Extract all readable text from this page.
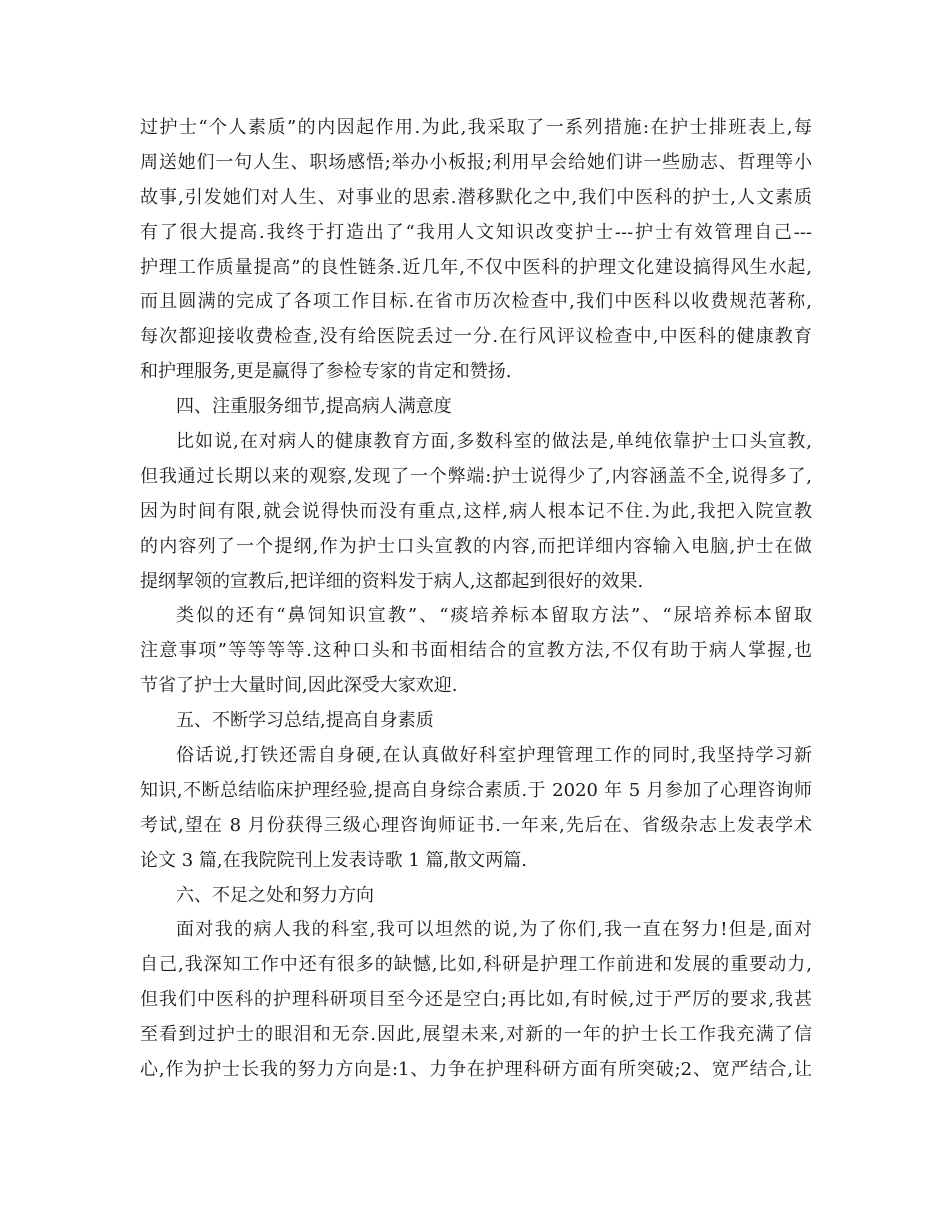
过护士“个人素质”的内因起作用.为此,我采取了一系列措施:在护士排班表上,每
周送她们一句人生、职场感悟;举办小板报;利用早会给她们讲一些励志、哲理等小
故事,引发她们对人生、对事业的思索.潜移默化之中,我们中医科的护士,人文素质
有了很大提高.我终于打造出了“我用人文知识改变护士---护士有效管理自己---
护理工作质量提高”的良性链条.近几年,不仅中医科的护理文化建设搞得风生水起,
而且圆满的完成了各项工作目标.在省市历次检查中,我们中医科以收费规范著称,
每次都迎接收费检查,没有给医院丢过一分.在行风评议检查中,中医科的健康教育
和护理服务,更是赢得了参检专家的肯定和赞扬.
四、注重服务细节,提高病人满意度
比如说,在对病人的健康教育方面,多数科室的做法是,单纯依靠护士口头宣教,
但我通过长期以来的观察,发现了一个弊端:护士说得少了,内容涵盖不全,说得多了,
因为时间有限,就会说得快而没有重点,这样,病人根本记不住.为此,我把入院宣教
的内容列了一个提纲,作为护士口头宣教的内容,而把详细内容输入电脑,护士在做
提纲挈领的宣教后,把详细的资料发于病人,这都起到很好的效果.
类似的还有“鼻饲知识宣教”、“痰培养标本留取方法”、“尿培养标本留取
注意事项”等等等等.这种口头和书面相结合的宣教方法,不仅有助于病人掌握,也
节省了护士大量时间,因此深受大家欢迎.
五、不断学习总结,提高自身素质
俗话说,打铁还需自身硬,在认真做好科室护理管理工作的同时,我坚持学习新
知识,不断总结临床护理经验,提高自身综合素质.于 2020 年 5 月参加了心理咨询师
考试,望在 8 月份获得三级心理咨询师证书.一年来,先后在、省级杂志上发表学术
论文 3 篇,在我院院刊上发表诗歌 1 篇,散文两篇.
六、不足之处和努力方向
面对我的病人我的科室,我可以坦然的说,为了你们,我一直在努力!但是,面对
自己,我深知工作中还有很多的缺憾,比如,科研是护理工作前进和发展的重要动力,
但我们中医科的护理科研项目至今还是空白;再比如,有时候,过于严厉的要求,我甚
至看到过护士的眼泪和无奈.因此,展望未来,对新的一年的护士长工作我充满了信
心,作为护士长我的努力方向是:1、力争在护理科研方面有所突破;2、宽严结合,让
